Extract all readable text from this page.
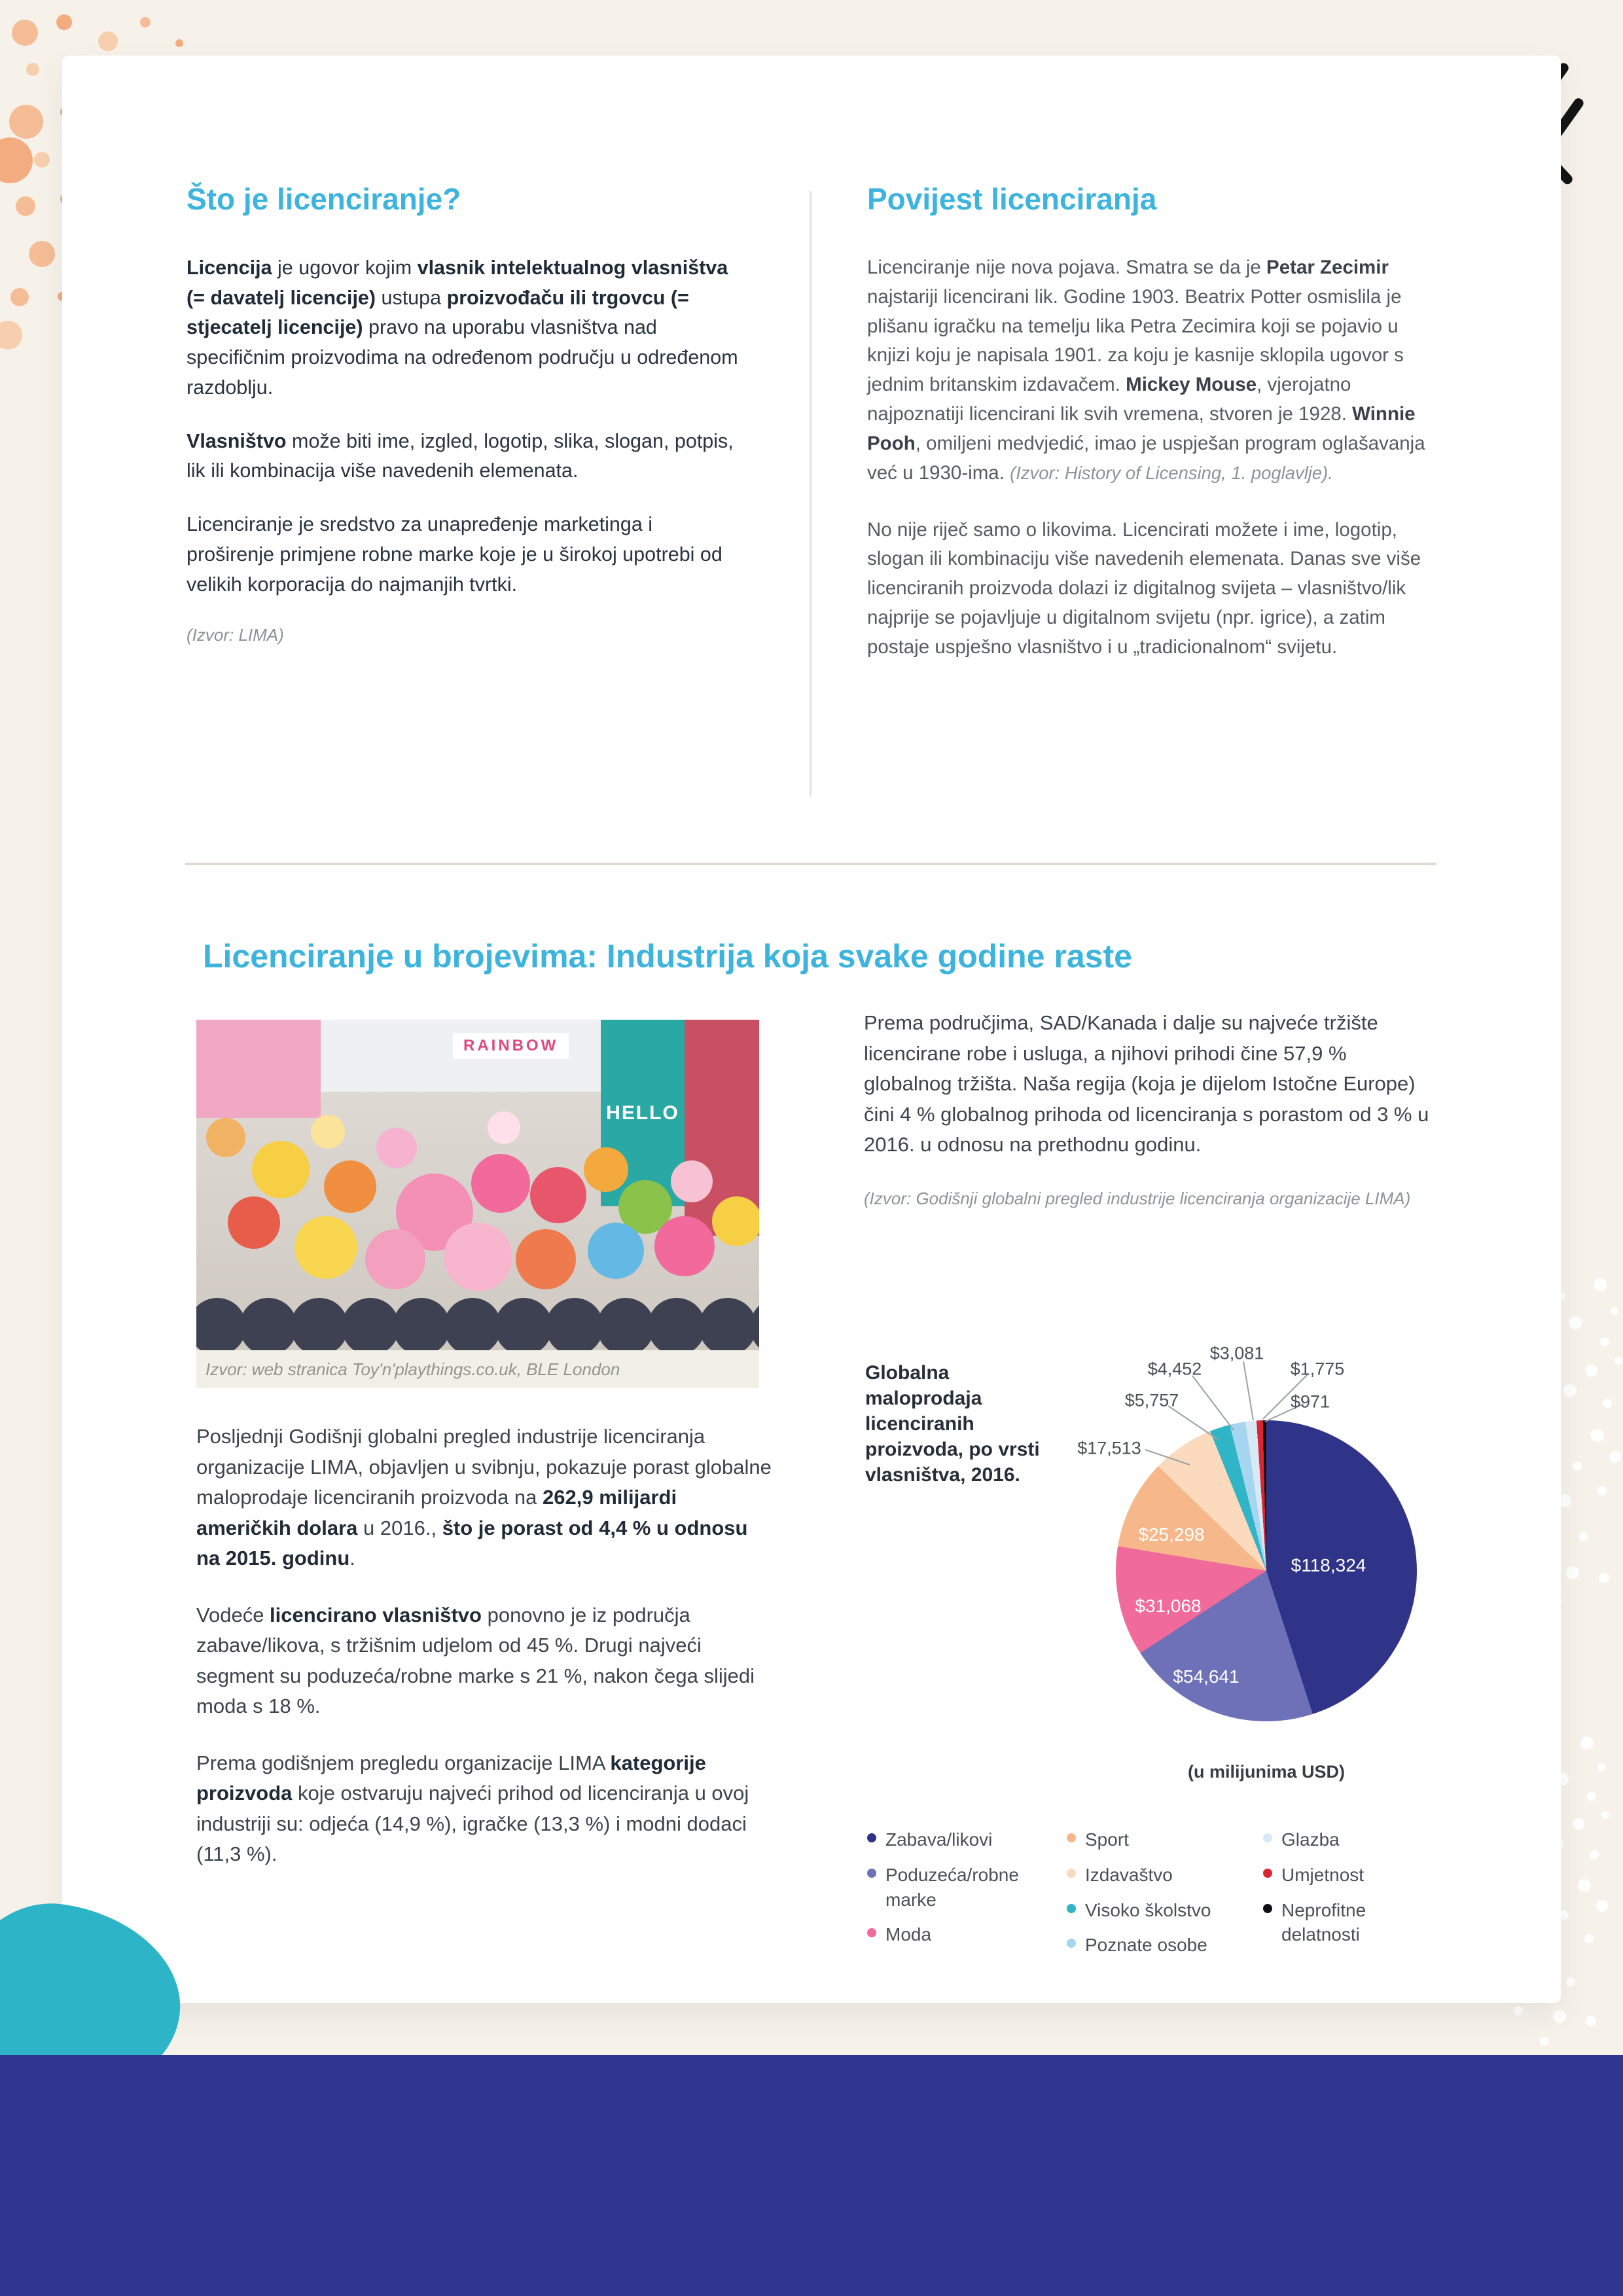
Što je licenciranje?

Licencija je ugovor kojim vlasnik intelektualnog vlasništva (= davatelj licencije) ustupa proizvođaču ili trgovcu (= stjecatelj licencije) pravo na uporabu vlasništva nad specifičnim proizvodima na određenom području u određenom razdoblju.

Vlasništvo može biti ime, izgled, logotip, slika, slogan, potpis, lik ili kombinacija više navedenih elemenata.

Licenciranje je sredstvo za unapređenje marketinga i proširenje primjene robne marke koje je u širokoj upotrebi od velikih korporacija do najmanjih tvrtki.

(Izvor: LIMA)
Povijest licenciranja

Licenciranje nije nova pojava. Smatra se da je Petar Zecimir najstariji licencirani lik. Godine 1903. Beatrix Potter osmislila je plišanu igračku na temelju lika Petra Zecimira koji se pojavio u knjizi koju je napisala 1901. za koju je kasnije sklopila ugovor s jednim britanskim izdavačem. Mickey Mouse, vjerojatno najpoznatiji licencirani lik svih vremena, stvoren je 1928. Winnie Pooh, omiljeni medvjedić, imao je uspješan program oglašavanja već u 1930-ima. (Izvor: History of Licensing, 1. poglavlje).

No nije riječ samo o likovima. Licencirati možete i ime, logotip, slogan ili kombinaciju više navedenih elemenata. Danas sve više licenciranih proizvoda dolazi iz digitalnog svijeta – vlasništvo/lik najprije se pojavljuje u digitalnom svijetu (npr. igrice), a zatim postaje uspješno vlasništvo i u „tradicionalnom“ svijetu.

Licenciranje u brojevima: Industrija koja svake godine raste
RAINBOW
HELLO
Izvor: web stranica Toy'n'playthings.co.uk, BLE London

Posljednji Godišnji globalni pregled industrije licenciranja organizacije LIMA, objavljen u svibnju, pokazuje porast globalne maloprodaje licenciranih proizvoda na 262,9 milijardi američkih dolara u 2016., što je porast od 4,4 % u odnosu na 2015. godinu.

Vodeće licencirano vlasništvo ponovno je iz područja zabave/likova, s tržišnim udjelom od 45 %. Drugi najveći segment su poduzeća/robne marke s 21 %, nakon čega slijedi moda s 18 %.

Prema godišnjem pregledu organizacije LIMA kategorije proizvoda koje ostvaruju najveći prihod od licenciranja u ovoj industriji su: odjeća (14,9 %), igračke (13,3 %) i modni dodaci (11,3 %).

Prema područjima, SAD/Kanada i dalje su najveće tržište licencirane robe i usluga, a njihovi prihodi čine 57,9 % globalnog tržišta. Naša regija (koja je dijelom Istočne Europe) čini 4 % globalnog prihoda od licenciranja s porastom od 3 % u 2016. u odnosu na prethodnu godinu.

(Izvor: Godišnji globalni pregled industrije licenciranja organizacije LIMA)
Globalna maloprodaja licenciranih proizvoda, po vrsti vlasništva, 2016.
$118,324
$54,641
$31,068
$25,298
$17,513
$5,757
$4,452
$3,081
$1,775
$971
(u milijunima USD)
Zabava/likovi
Poduzeća/robne marke
Moda
Sport
Izdavaštvo
Visoko školstvo
Poznate osobe
Glazba
Umjetnost
Neprofitne delatnosti
